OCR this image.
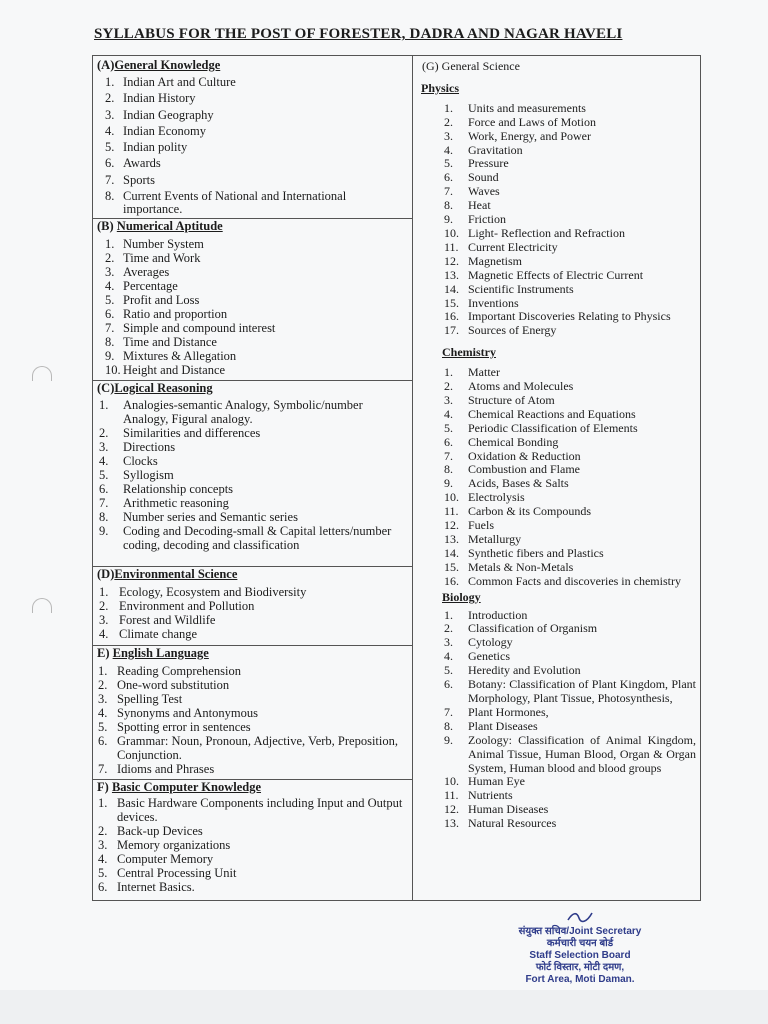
SYLLABUS FOR THE POST OF FORESTER, DADRA AND NAGAR HAVELI
(A)General Knowledge
1. Indian Art and Culture
2. Indian History
3. Indian Geography
4. Indian Economy
5. Indian polity
6. Awards
7. Sports
8. Current Events of National and International importance.
(B) Numerical Aptitude
1. Number System
2. Time and Work
3. Averages
4. Percentage
5. Profit and Loss
6. Ratio and proportion
7. Simple and compound interest
8. Time and Distance
9. Mixtures & Allegation
10. Height and Distance
(C)Logical Reasoning
1. Analogies-semantic Analogy, Symbolic/number Analogy, Figural analogy.
2. Similarities and differences
3. Directions
4. Clocks
5. Syllogism
6. Relationship concepts
7. Arithmetic reasoning
8. Number series and Semantic series
9. Coding and Decoding-small & Capital letters/number coding, decoding and classification
(D)Environmental Science
1. Ecology, Ecosystem and Biodiversity
2. Environment and Pollution
3. Forest and Wildlife
4. Climate change
E) English Language
1. Reading Comprehension
2. One-word substitution
3. Spelling Test
4. Synonyms and Antonymous
5. Spotting error in sentences
6. Grammar: Noun, Pronoun, Adjective, Verb, Preposition, Conjunction.
7. Idioms and Phrases
F) Basic Computer Knowledge
1. Basic Hardware Components including Input and Output devices.
2. Back-up Devices
3. Memory organizations
4. Computer Memory
5. Central Processing Unit
6. Internet Basics.
(G) General Science
Physics
1. Units and measurements
2. Force and Laws of Motion
3. Work, Energy, and Power
4. Gravitation
5. Pressure
6. Sound
7. Waves
8. Heat
9. Friction
10. Light- Reflection and Refraction
11. Current Electricity
12. Magnetism
13. Magnetic Effects of Electric Current
14. Scientific Instruments
15. Inventions
16. Important Discoveries Relating to Physics
17. Sources of Energy
Chemistry
1. Matter
2. Atoms and Molecules
3. Structure of Atom
4. Chemical Reactions and Equations
5. Periodic Classification of Elements
6. Chemical Bonding
7. Oxidation & Reduction
8. Combustion and Flame
9. Acids, Bases & Salts
10. Electrolysis
11. Carbon & its Compounds
12. Fuels
13. Metallurgy
14. Synthetic fibers and Plastics
15. Metals & Non-Metals
16. Common Facts and discoveries in chemistry
Biology
1. Introduction
2. Classification of Organism
3. Cytology
4. Genetics
5. Heredity and Evolution
6. Botany: Classification of Plant Kingdom, Plant Morphology, Plant Tissue, Photosynthesis,
7. Plant Hormones,
8. Plant Diseases
9. Zoology: Classification of Animal Kingdom, Animal Tissue, Human Blood, Organ & Organ System, Human blood and blood groups
10. Human Eye
11. Nutrients
12. Human Diseases
13. Natural Resources
संयुक्त सचिव/Joint Secretary
कर्मचारी चयन बोर्ड
Staff Selection Board
फोर्ट विस्तार, मोटी दमण,
Fort Area, Moti Daman.
